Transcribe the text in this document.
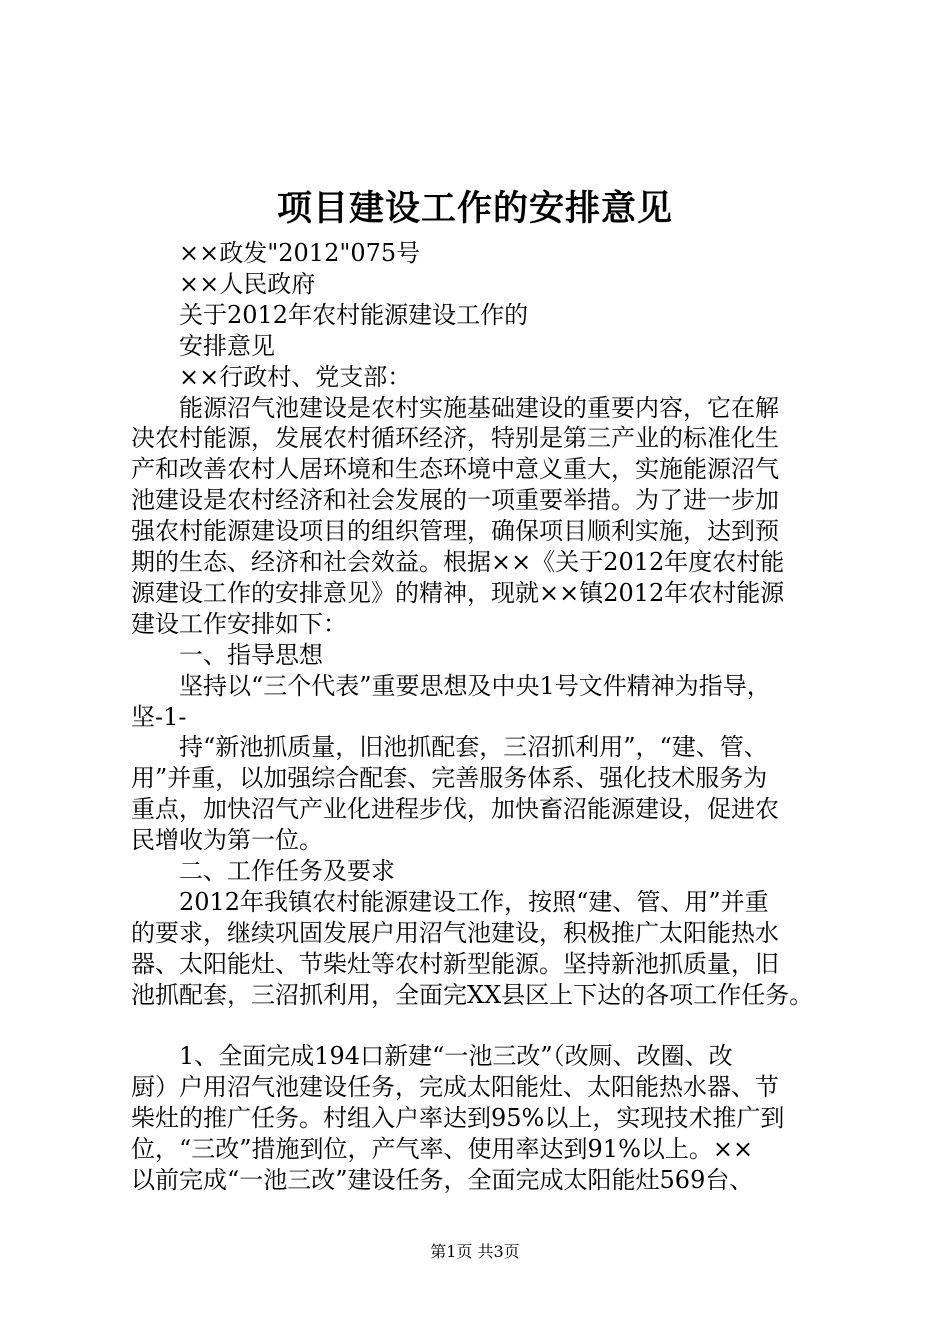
项目建设工作的安排意见
　　××政发"2012"075号
　　××人民政府
　　关于2012年农村能源建设工作的
　　安排意见
　　××行政村、党支部：
　　能源沼气池建设是农村实施基础建设的重要内容，它在解
决农村能源，发展农村循环经济，特别是第三产业的标准化生
产和改善农村人居环境和生态环境中意义重大，实施能源沼气
池建设是农村经济和社会发展的一项重要举措。为了进一步加
强农村能源建设项目的组织管理，确保项目顺利实施，达到预
期的生态、经济和社会效益。根据××《关于2012年度农村能
源建设工作的安排意见》的精神，现就××镇2012年农村能源
建设工作安排如下：
　　一、指导思想
　　坚持以“三个代表”重要思想及中央1号文件精神为指导，
坚-1-
　　持“新池抓质量，旧池抓配套，三沼抓利用”，“建、管、
用”并重，以加强综合配套、完善服务体系、强化技术服务为
重点，加快沼气产业化进程步伐，加快畜沼能源建设，促进农
民增收为第一位。
　　二、工作任务及要求
　　2012年我镇农村能源建设工作，按照“建、管、用”并重
的要求，继续巩固发展户用沼气池建设，积极推广太阳能热水
器、太阳能灶、节柴灶等农村新型能源。坚持新池抓质量，旧
池抓配套，三沼抓利用，全面完XX县区上下达的各项工作任务。
　　1、全面完成194口新建“一池三改”（改厕、改圈、改
厨）户用沼气池建设任务，完成太阳能灶、太阳能热水器、节
柴灶的推广任务。村组入户率达到95%以上，实现技术推广到
位，“三改”措施到位，产气率、使用率达到91%以上。××
以前完成“一池三改”建设任务，全面完成太阳能灶569台、
第1页 共3页
